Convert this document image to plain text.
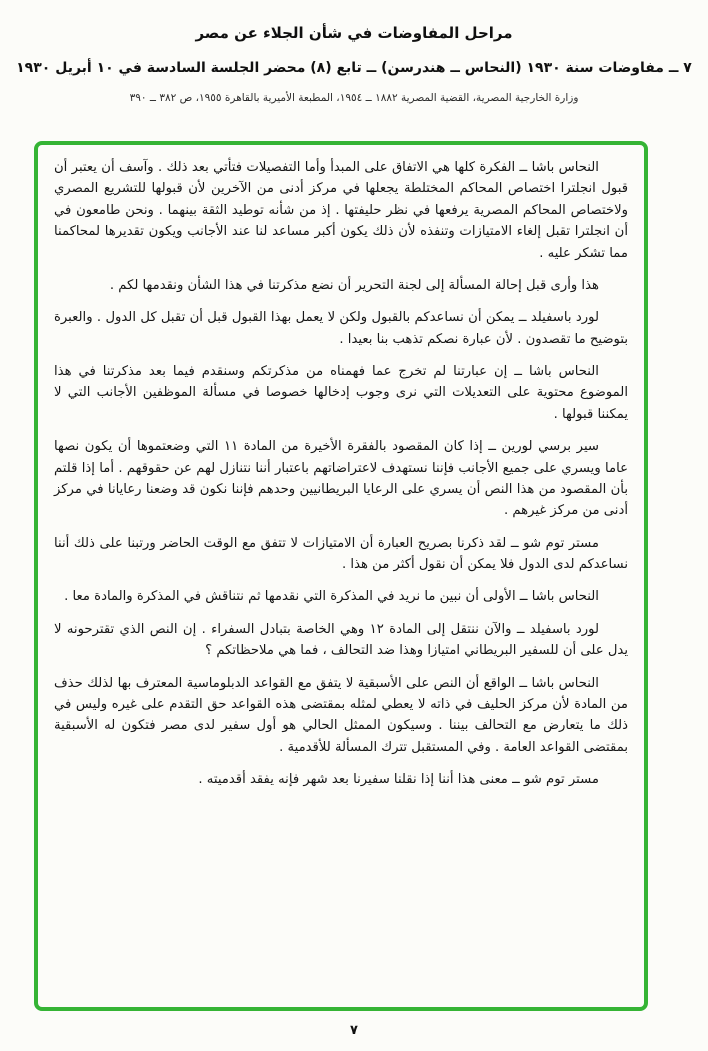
مراحل المفاوضات في شأن الجلاء عن مصر
٧ ــ مفاوضات سنة ١٩٣٠ (النحاس ــ هندرسن) ــ تابع (٨) محضر الجلسة السادسة في ١٠ أبريل ١٩٣٠
وزارة الخارجية المصرية، القضية المصرية ١٨٨٢ ــ ١٩٥٤، المطبعة الأميرية بالقاهرة ١٩٥٥، ص ٣٨٢ ــ ٣٩٠

النحاس باشا ــ الفكرة كلها هي الاتفاق على المبدأ وأما التفصيلات فتأتي بعد ذلك . وآسف أن يعتبر أن قبول انجلترا اختصاص المحاكم المختلطة يجعلها في مركز أدنى من الآخرين لأن قبولها للتشريع المصري ولاختصاص المحاكم المصرية يرفعها في نظر حليفتها . إذ من شأنه توطيد الثقة بينهما . ونحن طامعون في أن انجلترا تقبل إلغاء الامتيازات وتنفذه لأن ذلك يكون أكبر مساعد لنا عند الأجانب ويكون تقديرها لمحاكمنا مما تشكر عليه .

هذا وأرى قبل إحالة المسألة إلى لجنة التحرير أن نضع مذكرتنا في هذا الشأن ونقدمها لكم .

لورد باسفيلد ــ يمكن أن نساعدكم بالقبول ولكن لا يعمل بهذا القبول قبل أن تقبل كل الدول . والعبرة بتوضيح ما تقصدون . لأن عبارة نصكم تذهب بنا بعيدا .

النحاس باشا ــ إن عبارتنا لم تخرج عما فهمناه من مذكرتكم وسنقدم فيما بعد مذكرتنا في هذا الموضوع محتوية على التعديلات التي نرى وجوب إدخالها خصوصا في مسألة الموظفين الأجانب التي لا يمكننا قبولها .

سير برسي لورين ــ إذا كان المقصود بالفقرة الأخيرة من المادة ١١ التي وضعتموها أن يكون نصها عاما ويسري على جميع الأجانب فإننا نستهدف لاعتراضاتهم باعتبار أننا نتنازل لهم عن حقوقهم . أما إذا قلتم بأن المقصود من هذا النص أن يسري على الرعايا البريطانيين وحدهم فإننا نكون قد وضعنا رعايانا في مركز أدنى من مركز غيرهم .

مستر توم شو ــ لقد ذكرنا بصريح العبارة أن الامتيازات لا تتفق مع الوقت الحاضر ورتبنا على ذلك أننا نساعدكم لدى الدول فلا يمكن أن نقول أكثر من هذا .

النحاس باشا ــ الأولى أن نبين ما نريد في المذكرة التي نقدمها ثم نتناقش في المذكرة والمادة معا .

لورد باسفيلد ــ والآن ننتقل إلى المادة ١٢ وهي الخاصة بتبادل السفراء . إن النص الذي تقترحونه لا يدل على أن للسفير البريطاني امتيازا وهذا ضد التحالف ، فما هي ملاحظاتكم ؟

النحاس باشا ــ الواقع أن النص على الأسبقية لا يتفق مع القواعد الدبلوماسية المعترف بها لذلك حذف من المادة لأن مركز الحليف في ذاته لا يعطي لمثله بمقتضى هذه القواعد حق التقدم على غيره وليس في ذلك ما يتعارض مع التحالف بيننا . وسيكون الممثل الحالي هو أول سفير لدى مصر فتكون له الأسبقية بمقتضى القواعد العامة . وفي المستقبل تترك المسألة للأقدمية .

مستر توم شو ــ معنى هذا أننا إذا نقلنا سفيرنا بعد شهر فإنه يفقد أقدميته .

٧
